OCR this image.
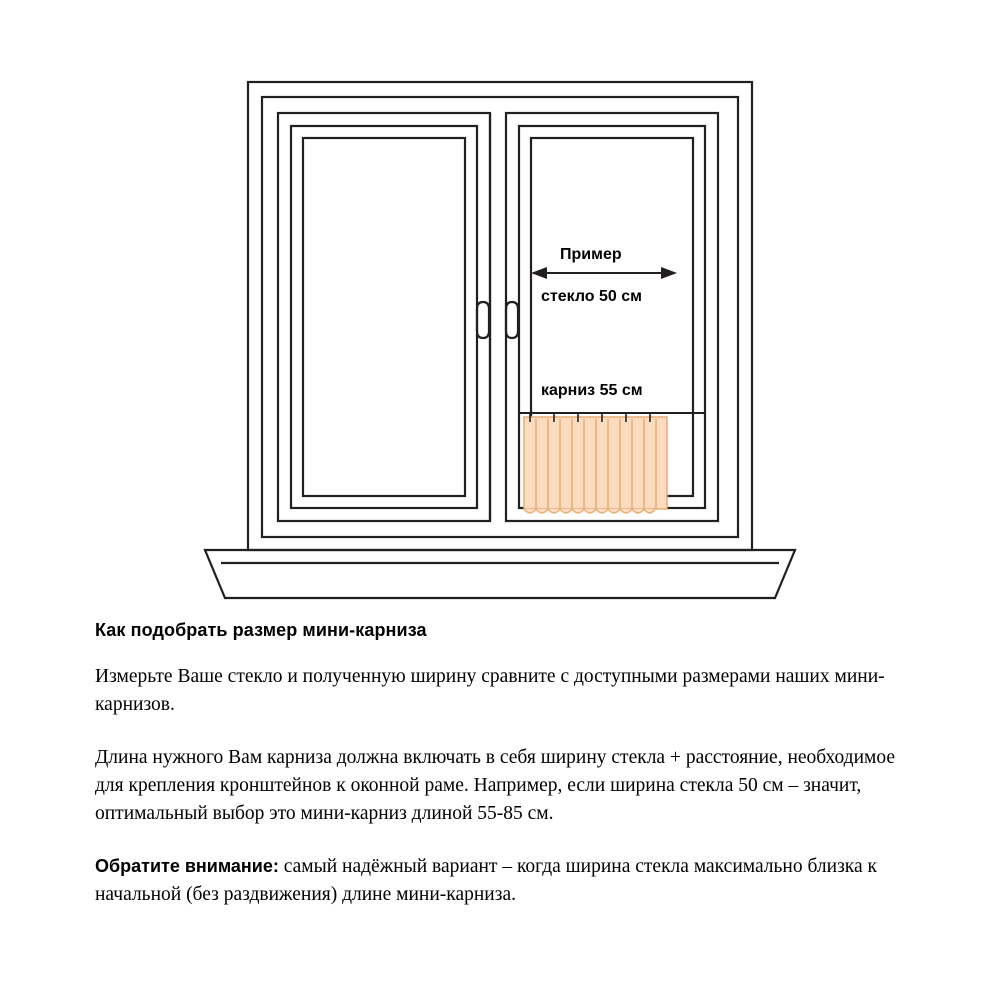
Пример
стекло 50 см
карниз 55 см
Как подобрать размер мини-карниза

Измерьте Ваше стекло и полученную ширину сравните с доступными размерами наших мини-карнизов.

Длина нужного Вам карниза должна включать в себя ширину стекла + расстояние, необходимое для крепления кронштейнов к оконной раме. Например, если ширина стекла 50 см – значит, оптимальный выбор это мини-карниз длиной 55-85 см.

Обратите внимание: самый надёжный вариант – когда ширина стекла максимально близка к начальной (без раздвижения) длине мини-карниза.
